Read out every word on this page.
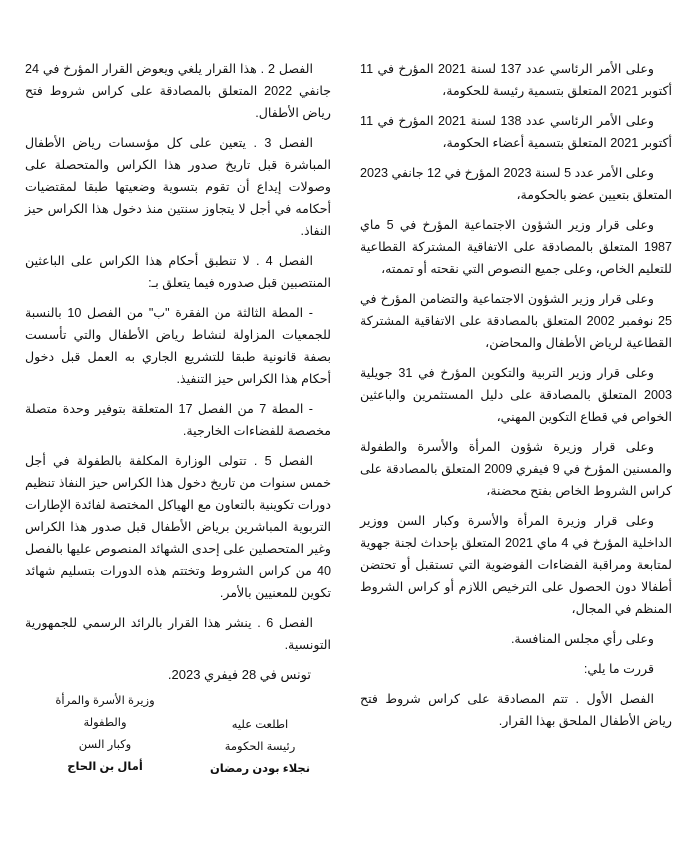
وعلى الأمر الرئاسي عدد 137 لسنة 2021 المؤرخ في 11 أكتوبر 2021 المتعلق بتسمية رئيسة للحكومة،

وعلى الأمر الرئاسي عدد 138 لسنة 2021 المؤرخ في 11 أكتوبر 2021 المتعلق بتسمية أعضاء الحكومة،

وعلى الأمر عدد 5 لسنة 2023 المؤرخ في 12 جانفي 2023 المتعلق بتعيين عضو بالحكومة،

وعلى قرار وزير الشؤون الاجتماعية المؤرخ في 5 ماي 1987 المتعلق بالمصادقة على الاتفاقية المشتركة القطاعية للتعليم الخاص، وعلى جميع النصوص التي نقحته أو تممته،

وعلى قرار وزير الشؤون الاجتماعية والتضامن المؤرخ في 25 نوفمبر 2002 المتعلق بالمصادقة على الاتفاقية المشتركة القطاعية لرياض الأطفال والمحاضن،

وعلى قرار وزير التربية والتكوين المؤرخ في 31 جويلية 2003 المتعلق بالمصادقة على دليل المستثمرين والباعثين الخواص في قطاع التكوين المهني،

وعلى قرار وزيرة شؤون المرأة والأسرة والطفولة والمسنين المؤرخ في 9 فيفري 2009 المتعلق بالمصادقة على كراس الشروط الخاص بفتح محضنة،

وعلى قرار وزيرة المرأة والأسرة وكبار السن ووزير الداخلية المؤرخ في 4 ماي 2021 المتعلق بإحداث لجنة جهوية لمتابعة ومراقبة الفضاءات الفوضوية التي تستقبل أو تحتضن أطفالا دون الحصول على الترخيص اللازم أو كراس الشروط المنظم في المجال،

وعلى رأي مجلس المنافسة.

قررت ما يلي:

الفصل الأول . تتم المصادقة على كراس شروط فتح رياض الأطفال الملحق بهذا القرار.

الفصل 2 . هذا القرار يلغي ويعوض القرار المؤرخ في 24 جانفي 2022 المتعلق بالمصادقة على كراس شروط فتح رياض الأطفال.

الفصل 3 . يتعين على كل مؤسسات رياض الأطفال المباشرة قبل تاريخ صدور هذا الكراس والمتحصلة على وصولات إيداع أن تقوم بتسوية وضعيتها طبقا لمقتضيات أحكامه في أجل لا يتجاوز سنتين منذ دخول هذا الكراس حيز النفاذ.

الفصل 4 . لا تنطبق أحكام هذا الكراس على الباعثين المنتصبين قبل صدوره فيما يتعلق بـ:

- المطة الثالثة من الفقرة "ب" من الفصل 10 بالنسبة للجمعيات المزاولة لنشاط رياض الأطفال والتي تأسست بصفة قانونية طبقا للتشريع الجاري به العمل قبل دخول أحكام هذا الكراس حيز التنفيذ.

- المطة 7 من الفصل 17 المتعلقة بتوفير وحدة متصلة مخصصة للفضاءات الخارجية.

الفصل 5 . تتولى الوزارة المكلفة بالطفولة في أجل خمس سنوات من تاريخ دخول هذا الكراس حيز النفاذ تنظيم دورات تكوينية بالتعاون مع الهياكل المختصة لفائدة الإطارات التربوية المباشرين برياض الأطفال قبل صدور هذا الكراس وغير المتحصلين على إحدى الشهائد المنصوص عليها بالفصل 40 من كراس الشروط وتختتم هذه الدورات بتسليم شهائد تكوين للمعنيين بالأمر.

الفصل 6 . ينشر هذا القرار بالرائد الرسمي للجمهورية التونسية.

تونس في 28 فيفري 2023.
وزيرة الأسرة والمرأة والطفولة
وكبار السن
أمال بن الحاج
اطلعت عليه
رئيسة الحكومة
نجلاء بودن رمضان
